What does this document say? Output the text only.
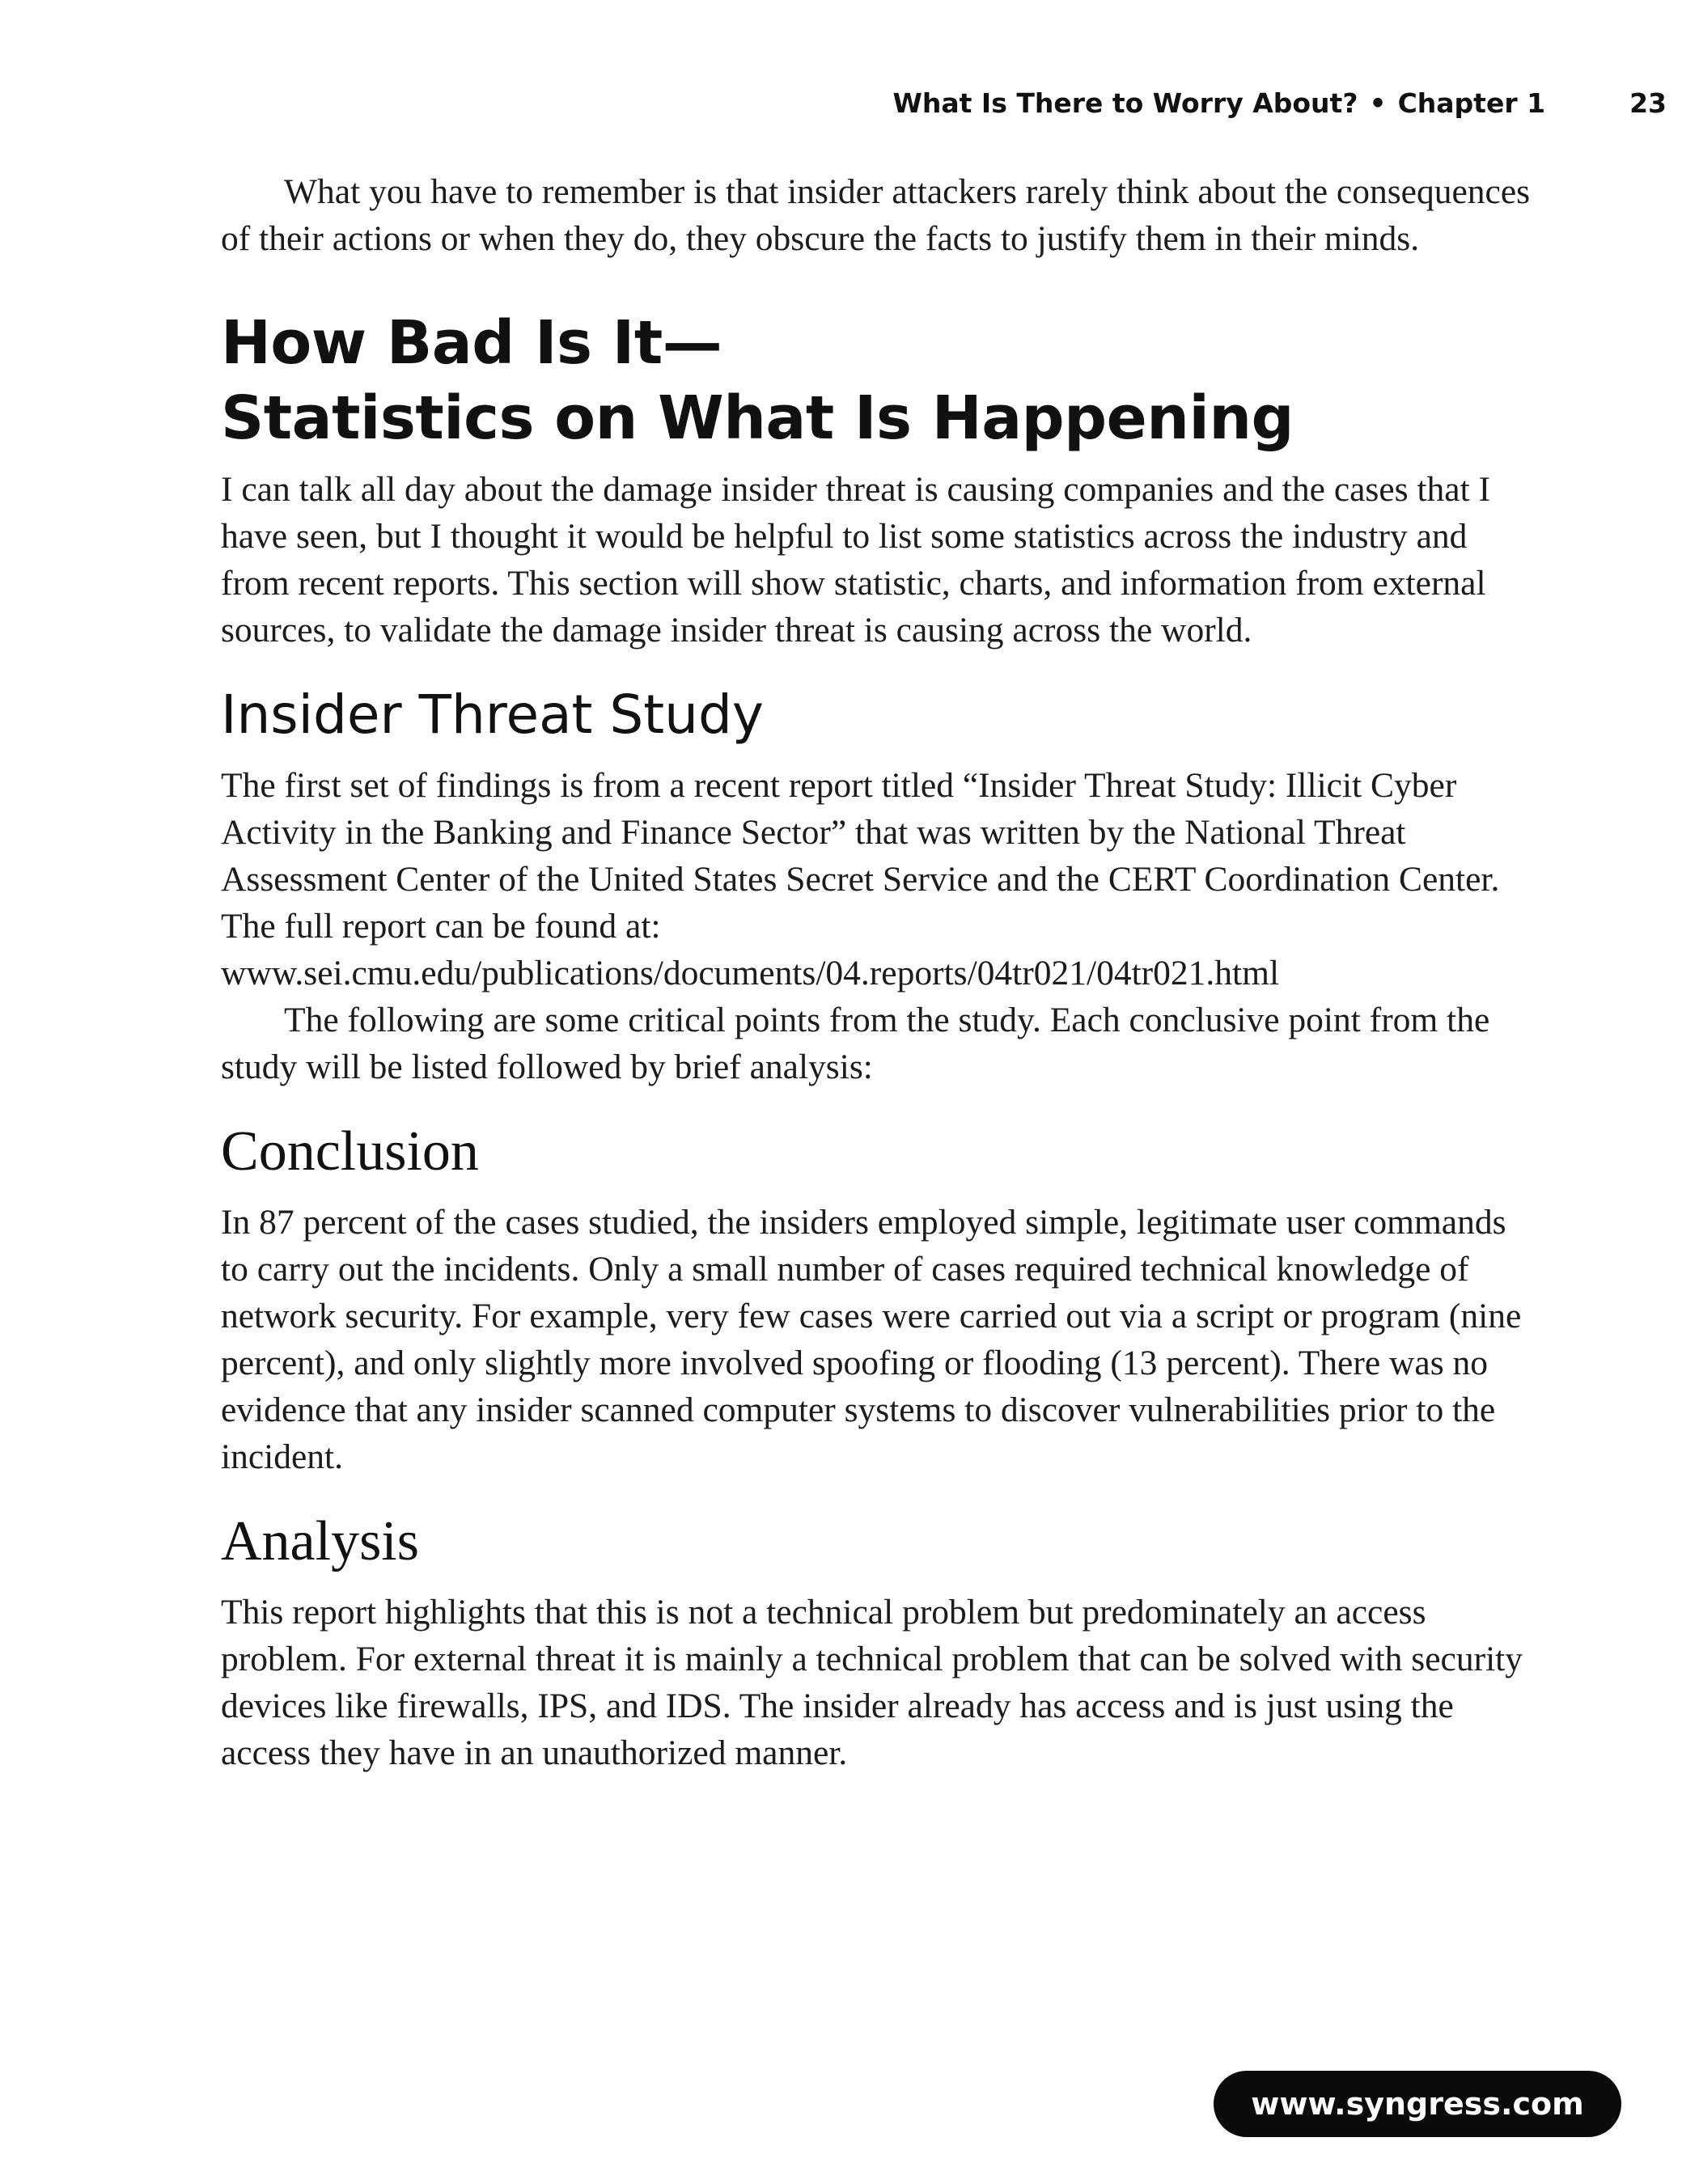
What Is There to Worry About? • Chapter 1	23

What you have to remember is that insider attackers rarely think about the consequences of their actions or when they do, they obscure the facts to justify them in their minds.

How Bad Is It—
Statistics on What Is Happening

I can talk all day about the damage insider threat is causing companies and the cases that I have seen, but I thought it would be helpful to list some statistics across the industry and from recent reports. This section will show statistic, charts, and information from external sources, to validate the damage insider threat is causing across the world.

Insider Threat Study

The first set of findings is from a recent report titled “Insider Threat Study: Illicit Cyber Activity in the Banking and Finance Sector” that was written by the National Threat Assessment Center of the United States Secret Service and the CERT Coordination Center. The full report can be found at: www.sei.cmu.edu/publications/documents/04.reports/04tr021/04tr021.html

The following are some critical points from the study. Each conclusive point from the study will be listed followed by brief analysis:

Conclusion

In 87 percent of the cases studied, the insiders employed simple, legitimate user commands to carry out the incidents. Only a small number of cases required technical knowledge of network security. For example, very few cases were carried out via a script or program (nine percent), and only slightly more involved spoofing or flooding (13 percent). There was no evidence that any insider scanned computer systems to discover vulnerabilities prior to the incident.

Analysis

This report highlights that this is not a technical problem but predominately an access problem. For external threat it is mainly a technical problem that can be solved with security devices like firewalls, IPS, and IDS. The insider already has access and is just using the access they have in an unauthorized manner.

www.syngress.com
